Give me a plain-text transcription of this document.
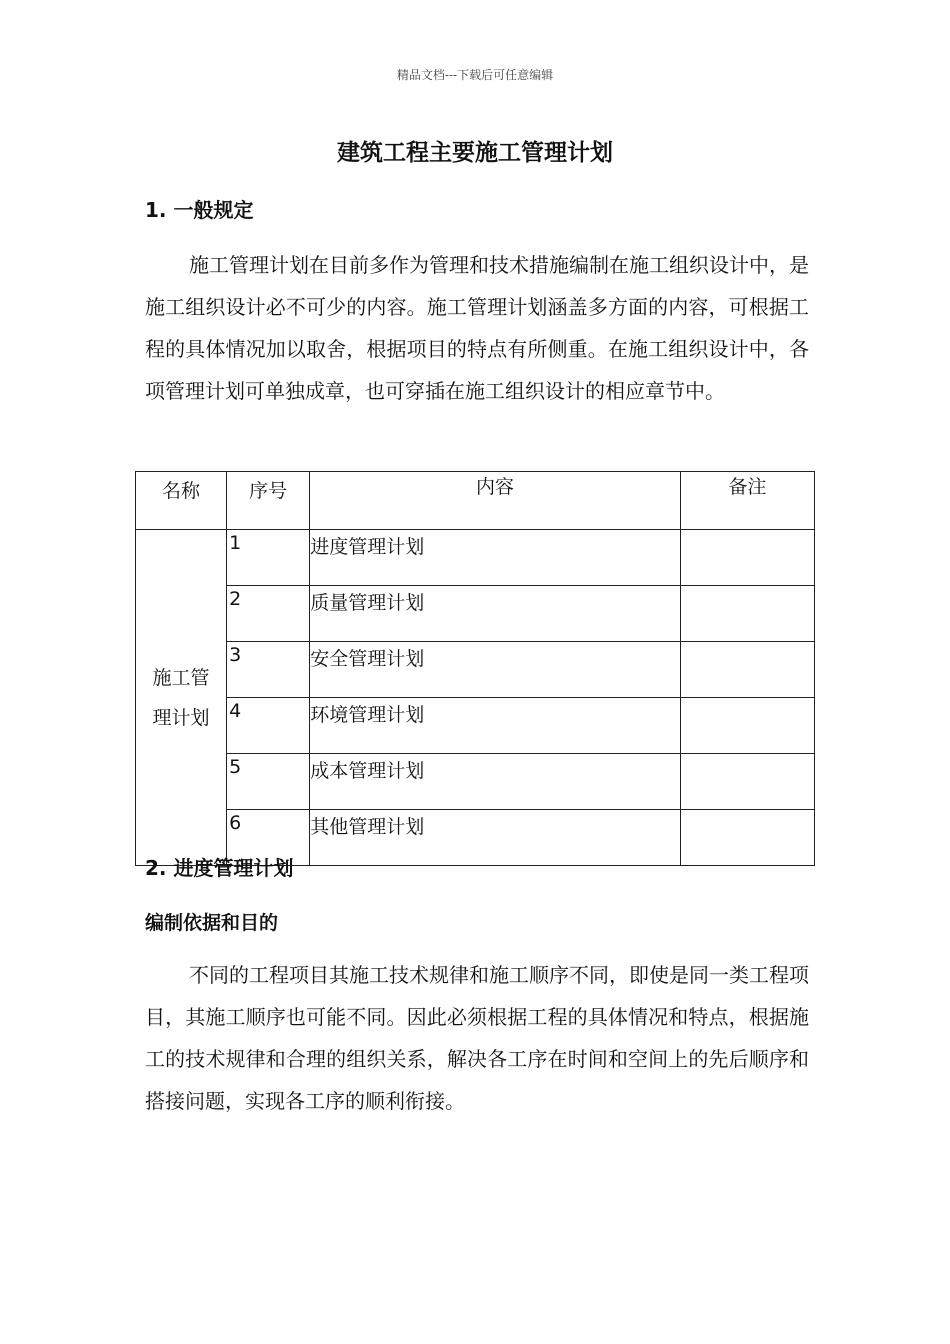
精品文档---下载后可任意编辑
建筑工程主要施工管理计划
1. 一般规定

施工管理计划在目前多作为管理和技术措施编制在施工组织设计中，是施工组织设计必不可少的内容。施工管理计划涵盖多方面的内容，可根据工程的具体情况加以取舍，根据项目的特点有所侧重。在施工组织设计中，各项管理计划可单独成章，也可穿插在施工组织设计的相应章节中。

名称	序号	内容	备注
施工管理计划	1	进度管理计划	
	2	质量管理计划	
	3	安全管理计划	
	4	环境管理计划	
	5	成本管理计划	
	6	其他管理计划	
2. 进度管理计划
编制依据和目的

不同的工程项目其施工技术规律和施工顺序不同，即使是同一类工程项目，其施工顺序也可能不同。因此必须根据工程的具体情况和特点，根据施工的技术规律和合理的组织关系，解决各工序在时间和空间上的先后顺序和搭接问题，实现各工序的顺利衔接。
